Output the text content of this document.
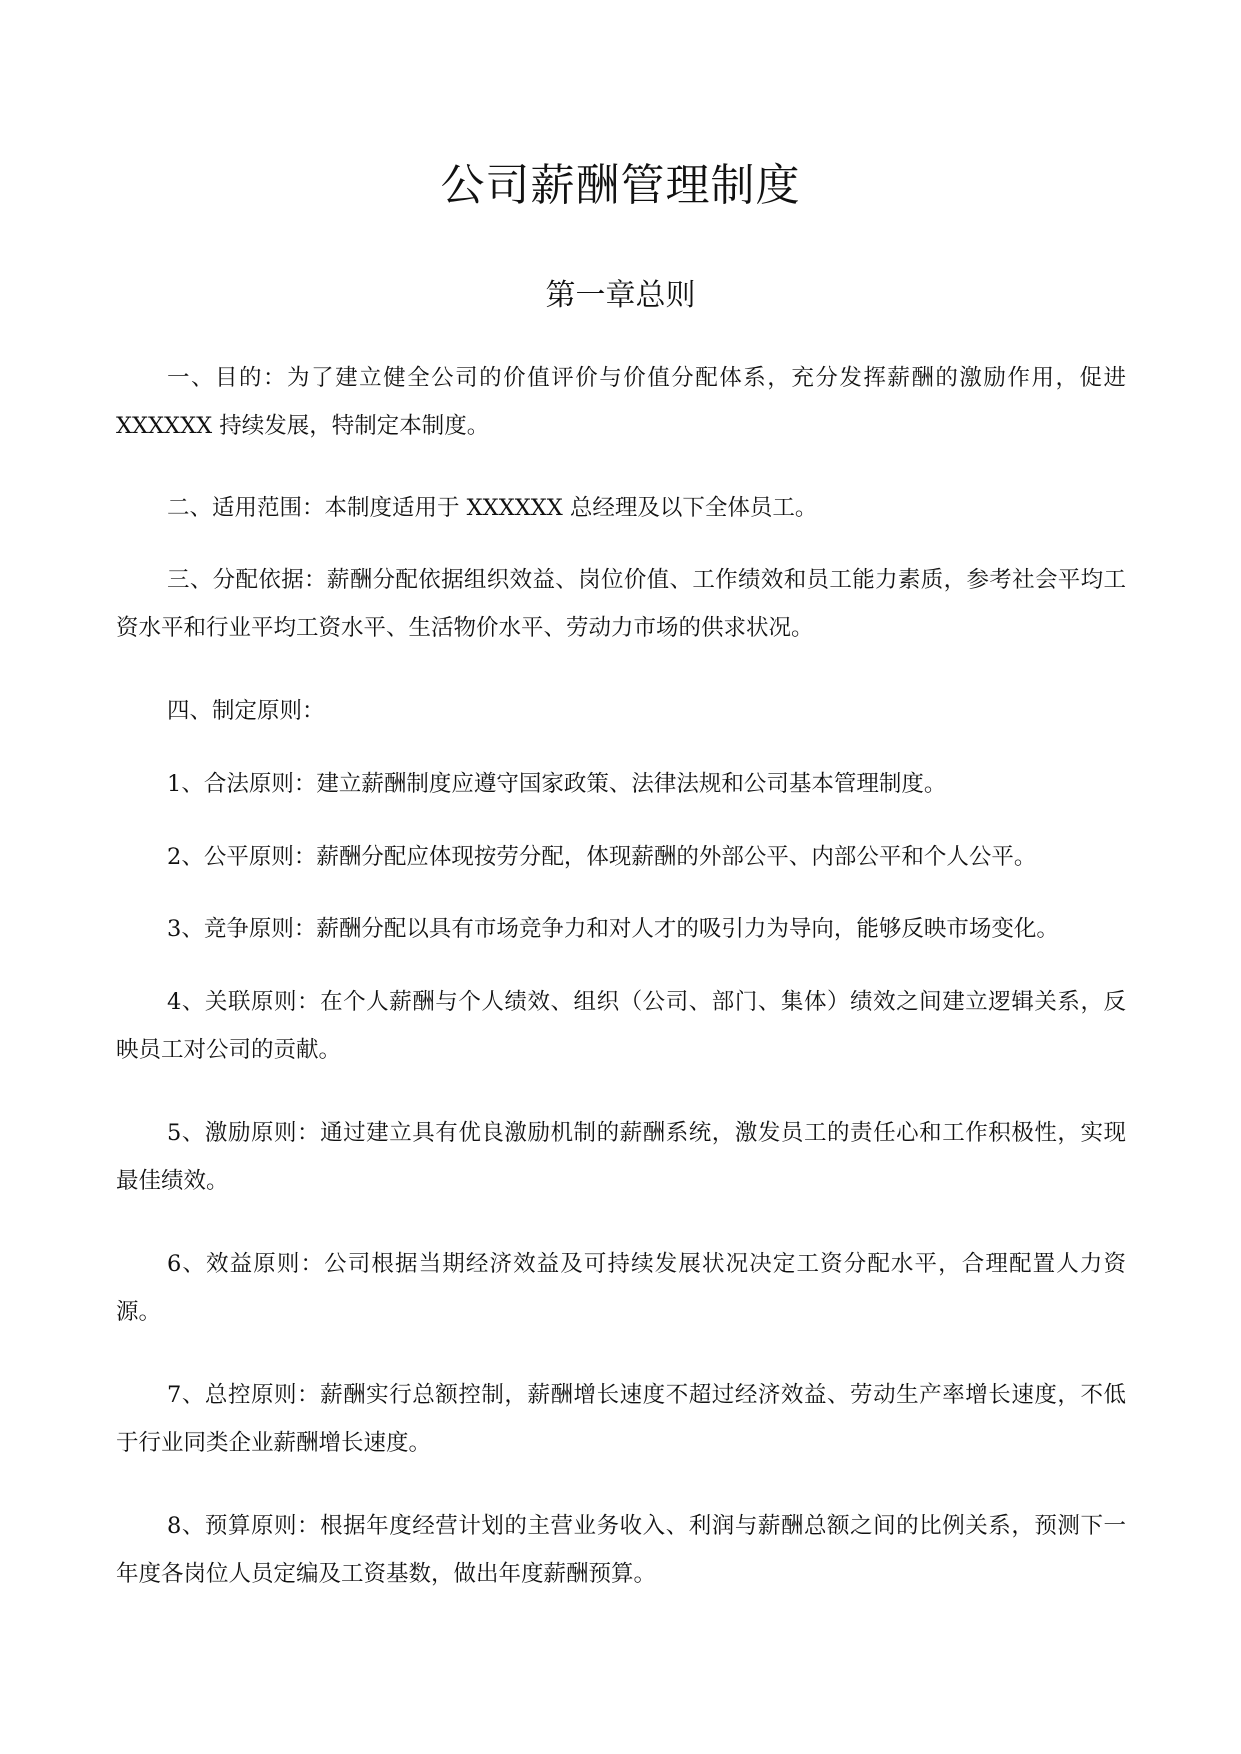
公司薪酬管理制度
第一章总则

一、目的：为了建立健全公司的价值评价与价值分配体系，充分发挥薪酬的激励作用，促进 XXXXXX 持续发展，特制定本制度。

二、适用范围：本制度适用于 XXXXXX 总经理及以下全体员工。

三、分配依据：薪酬分配依据组织效益、岗位价值、工作绩效和员工能力素质，参考社会平均工资水平和行业平均工资水平、生活物价水平、劳动力市场的供求状况。

四、制定原则：

1、合法原则：建立薪酬制度应遵守国家政策、法律法规和公司基本管理制度。

2、公平原则：薪酬分配应体现按劳分配，体现薪酬的外部公平、内部公平和个人公平。

3、竞争原则：薪酬分配以具有市场竞争力和对人才的吸引力为导向，能够反映市场变化。

4、关联原则：在个人薪酬与个人绩效、组织（公司、部门、集体）绩效之间建立逻辑关系，反映员工对公司的贡献。

5、激励原则：通过建立具有优良激励机制的薪酬系统，激发员工的责任心和工作积极性，实现最佳绩效。

6、效益原则：公司根据当期经济效益及可持续发展状况决定工资分配水平，合理配置人力资源。

7、总控原则：薪酬实行总额控制，薪酬增长速度不超过经济效益、劳动生产率增长速度，不低于行业同类企业薪酬增长速度。

8、预算原则：根据年度经营计划的主营业务收入、利润与薪酬总额之间的比例关系，预测下一年度各岗位人员定编及工资基数，做出年度薪酬预算。
